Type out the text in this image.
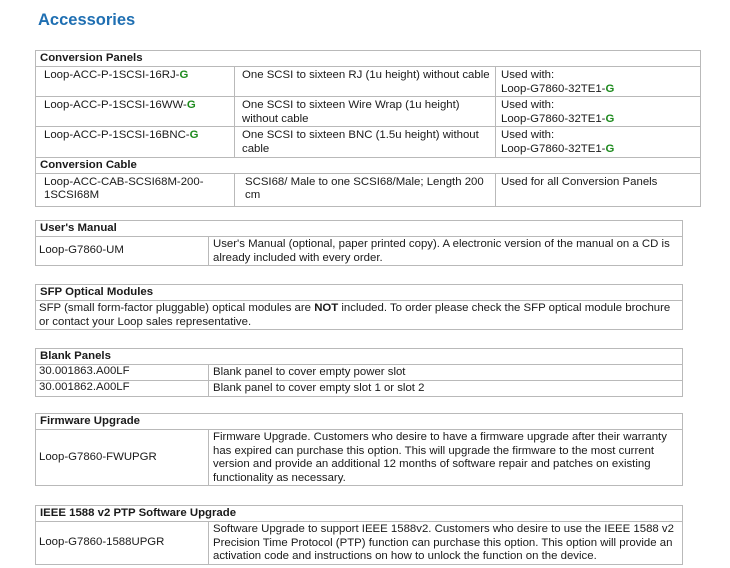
Accessories
Conversion Panels		
Loop-ACC-P-1SCSI-16RJ-G	One SCSI to sixteen RJ (1u height) without cable	Used with:
Loop-G7860-32TE1-G
Loop-ACC-P-1SCSI-16WW-G	One SCSI to sixteen Wire Wrap (1u height) without cable	Used with:
Loop-G7860-32TE1-G
Loop-ACC-P-1SCSI-16BNC-G	One SCSI to sixteen BNC (1.5u height) without cable	Used with:
Loop-G7860-32TE1-G
Conversion Cable		
Loop-ACC-CAB-SCSI68M-200-1SCSI68M	SCSI68/ Male to one SCSI68/Male; Length 200 cm	Used for all Conversion Panels
User's Manual
Loop-G7860-UM	User's Manual (optional, paper printed copy). A electronic version of the manual on a CD is already included with every order.
SFP Optical Modules
SFP (small form-factor pluggable) optical modules are NOT included. To order please check the SFP optical module brochure or contact your Loop sales representative.
Blank Panels	
30.001863.A00LF	Blank panel to cover empty power slot
30.001862.A00LF	Blank panel to cover empty slot 1 or slot 2
Firmware Upgrade
Loop-G7860-FWUPGR	Firmware Upgrade. Customers who desire to have a firmware upgrade after their warranty has expired can purchase this option. This will upgrade the firmware to the most current version and provide an additional 12 months of software repair and patches on existing functionality as necessary.
IEEE 1588 v2 PTP Software Upgrade
Loop-G7860-1588UPGR	Software Upgrade to support IEEE 1588v2. Customers who desire to use the IEEE 1588 v2 Precision Time Protocol (PTP) function can purchase this option. This option will provide an activation code and instructions on how to unlock the function on the device.
